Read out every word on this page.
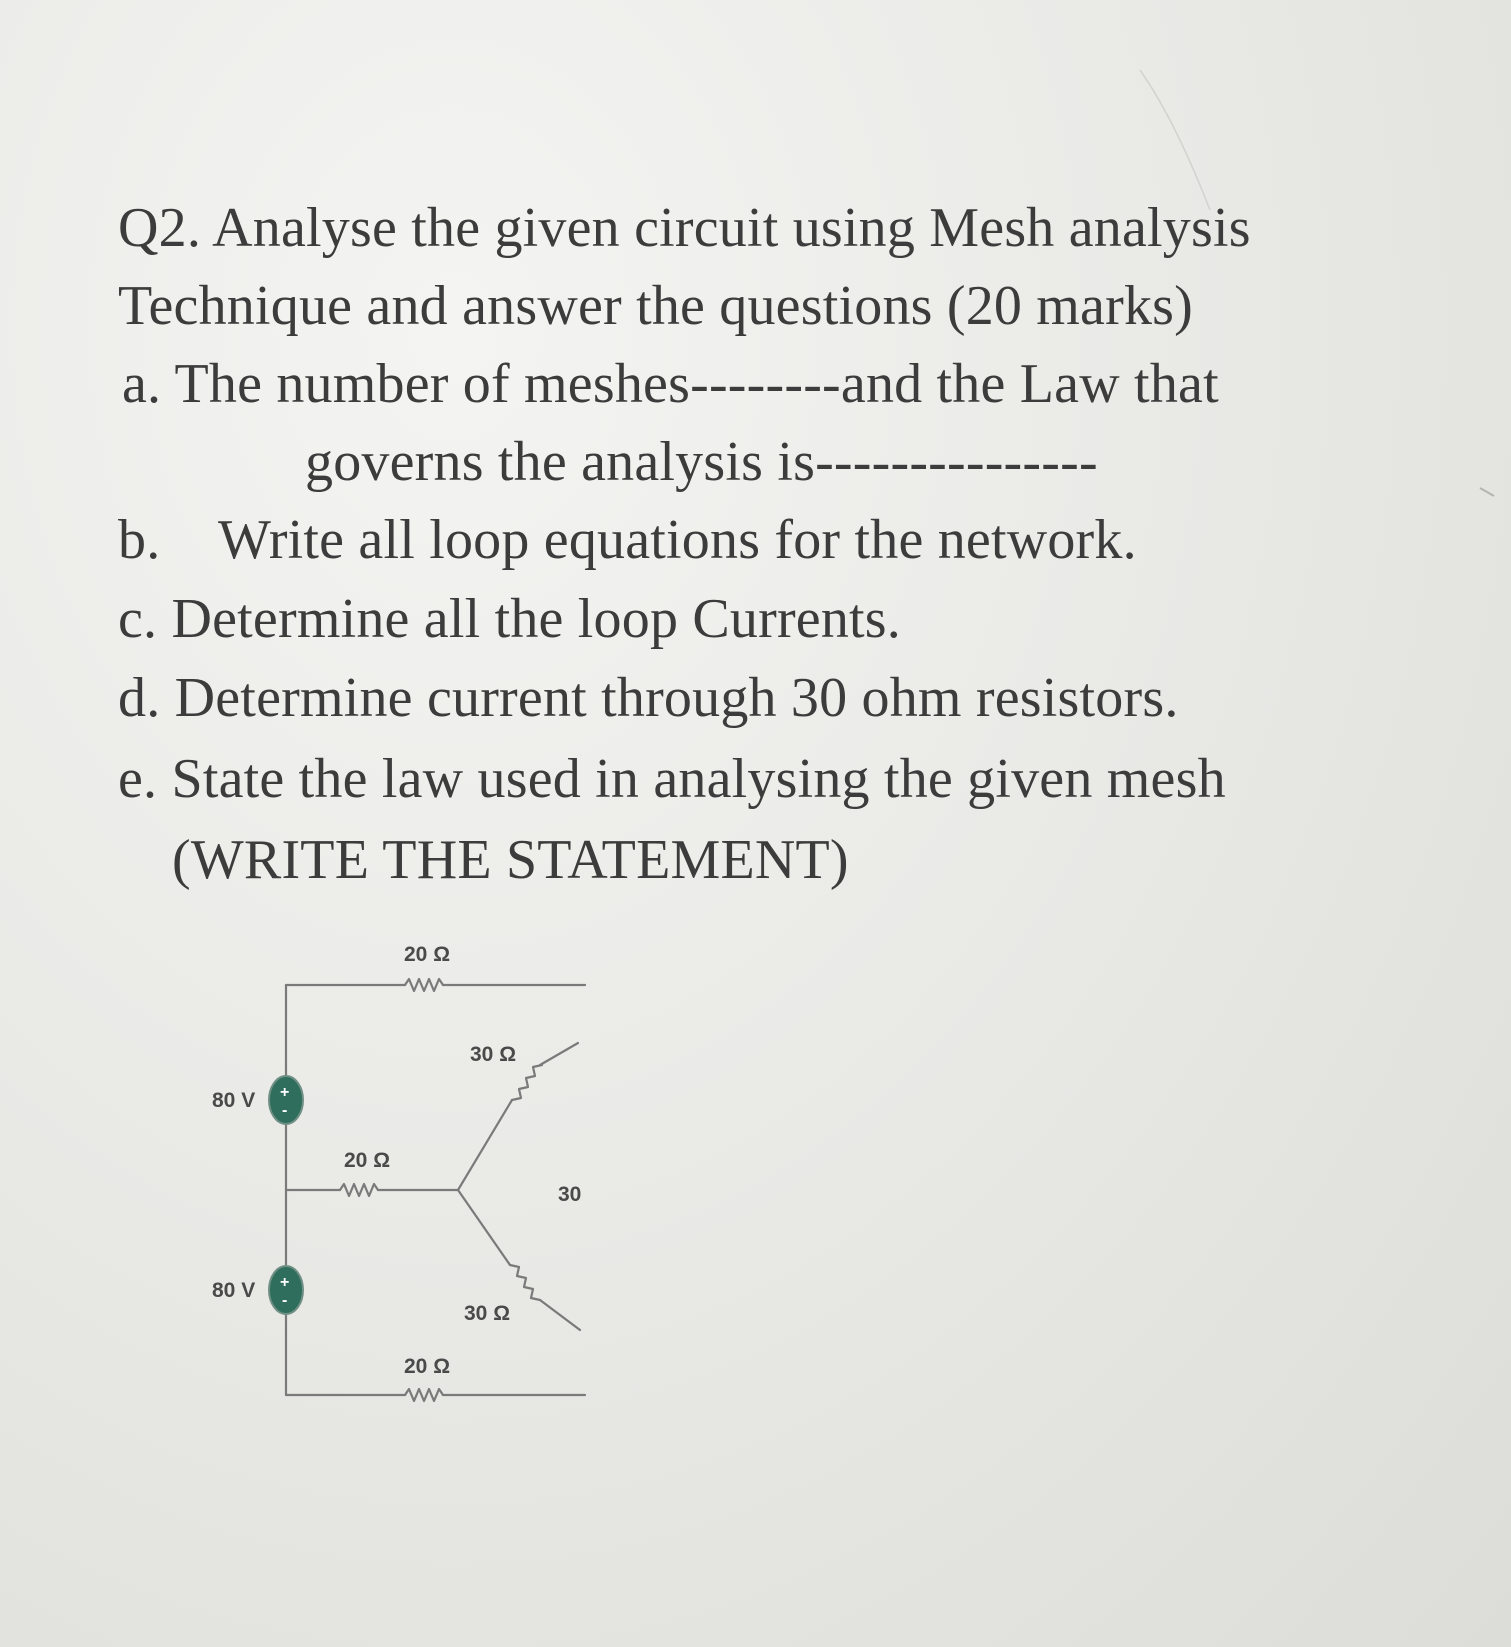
Q2. Analyse the given circuit using Mesh analysis

Technique and answer the questions (20 marks)

a. The number of meshes--------and the Law that

governs the analysis is---------------

b. Write all loop equations for the network.

c. Determine all the loop Currents.

d. Determine current through 30 ohm resistors.

e. State the law used in analysing the given mesh

(WRITE THE STATEMENT)

+
-
+
-
80 V
80 V
20 Ω
20 Ω
20 Ω
30 Ω
30 Ω
30
